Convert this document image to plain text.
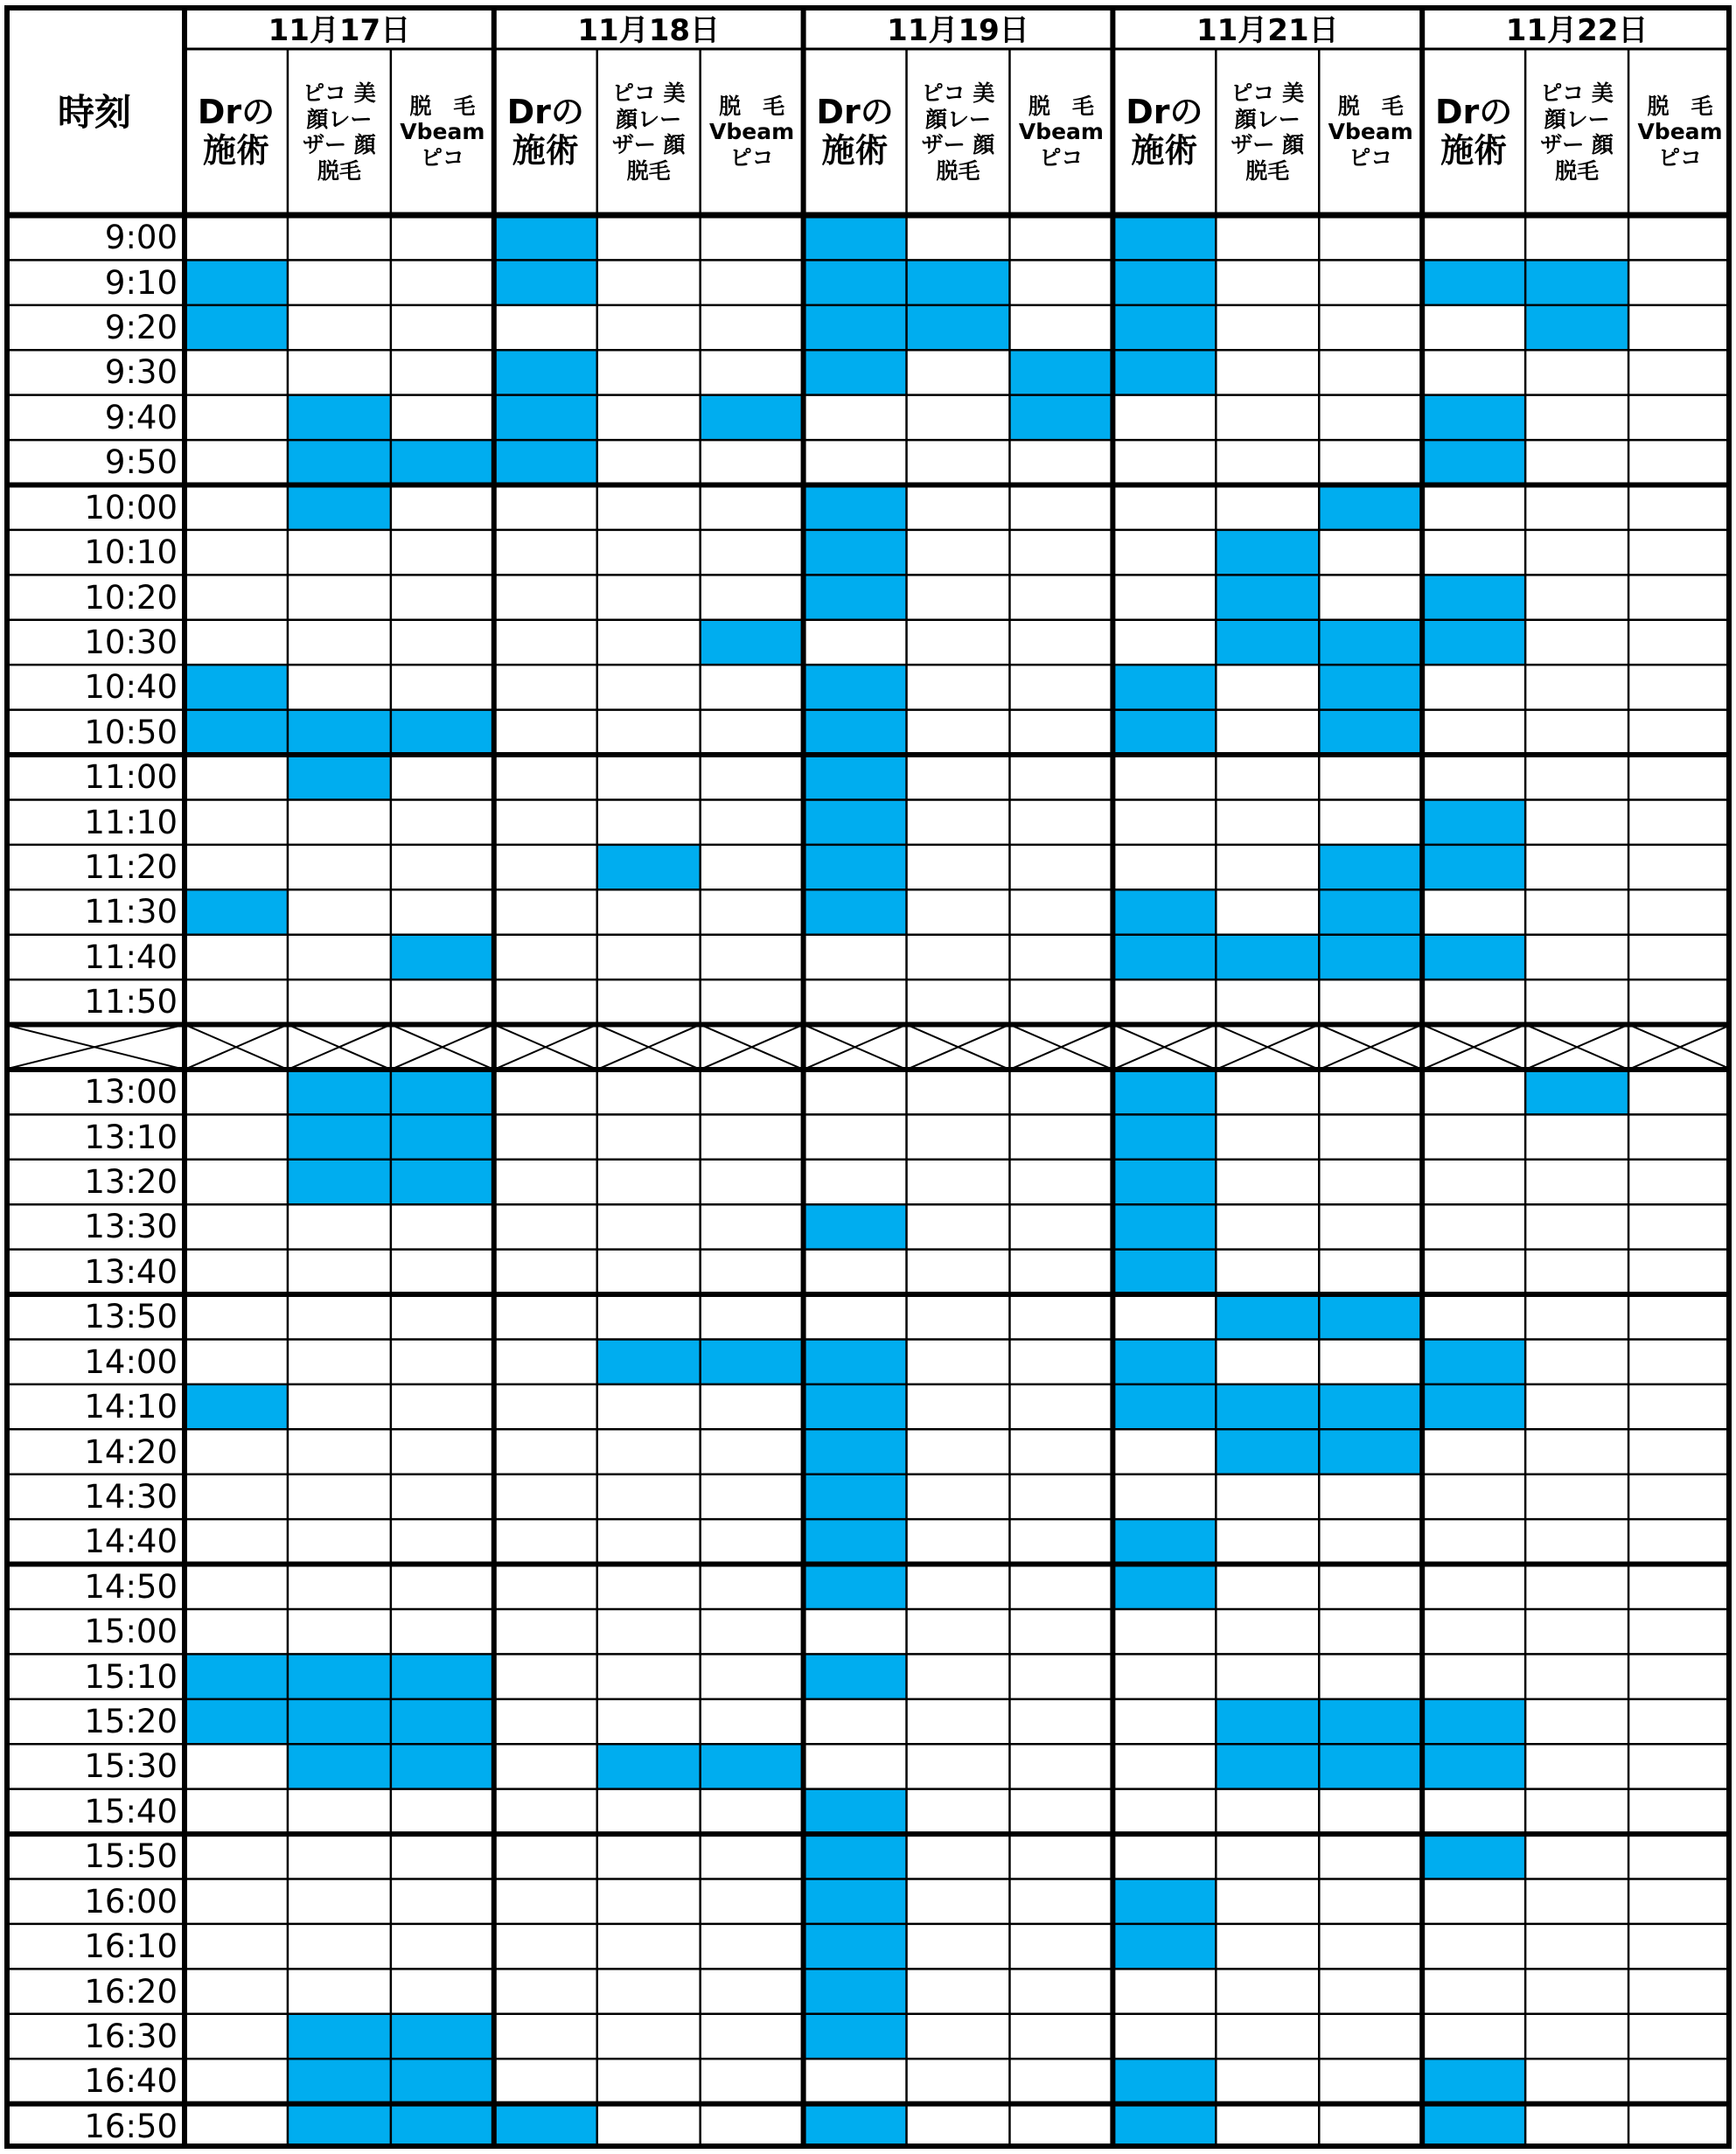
時刻
11月17日
Drの
施術
ピコ 美
顔レー
ザー 顔
脱毛
脱　毛
Vbeam
ピコ
11月18日
Drの
施術
ピコ 美
顔レー
ザー 顔
脱毛
脱　毛
Vbeam
ピコ
11月19日
Drの
施術
ピコ 美
顔レー
ザー 顔
脱毛
脱　毛
Vbeam
ピコ
11月21日
Drの
施術
ピコ 美
顔レー
ザー 顔
脱毛
脱　毛
Vbeam
ピコ
11月22日
Drの
施術
ピコ 美
顔レー
ザー 顔
脱毛
脱　毛
Vbeam
ピコ
9:00
9:10
9:20
9:30
9:40
9:50
10:00
10:10
10:20
10:30
10:40
10:50
11:00
11:10
11:20
11:30
11:40
11:50
13:00
13:10
13:20
13:30
13:40
13:50
14:00
14:10
14:20
14:30
14:40
14:50
15:00
15:10
15:20
15:30
15:40
15:50
16:00
16:10
16:20
16:30
16:40
16:50
